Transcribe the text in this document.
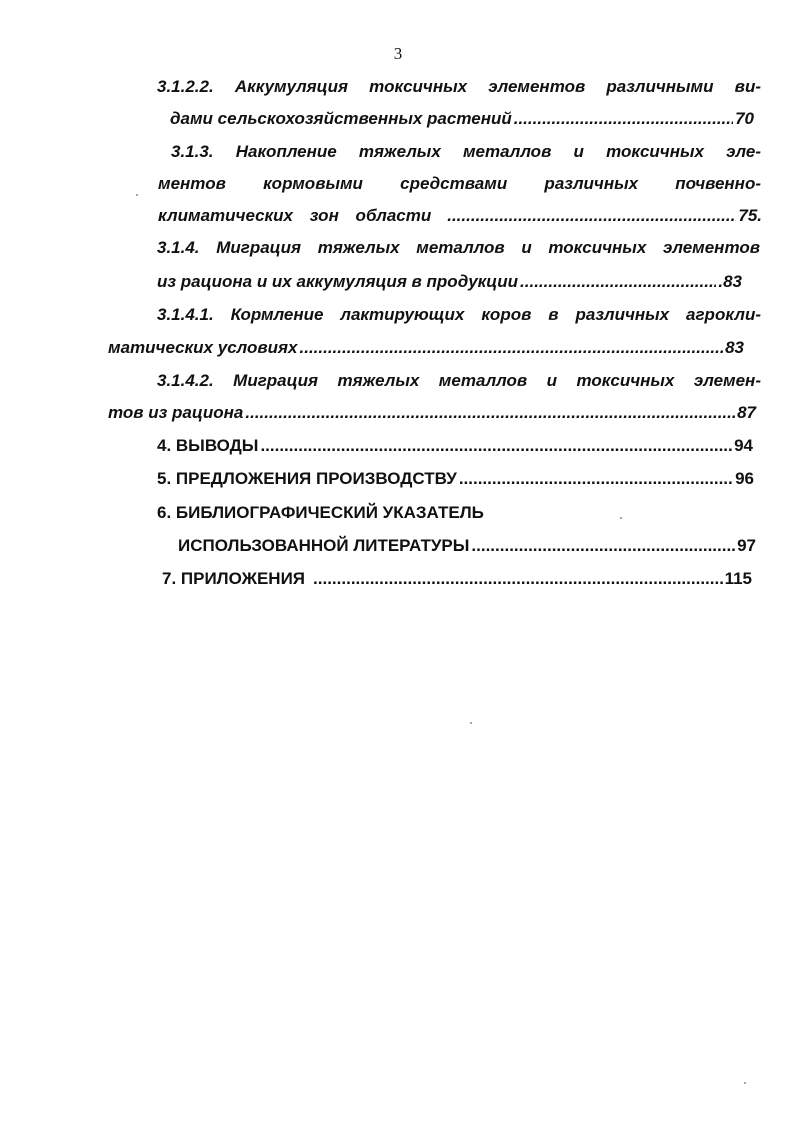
3
3.1.2.2. Аккумуляция токсичных элементов различными ви-
дами сельскохозяйственных растений .....	70
3.1.3. Накопление тяжелых металлов и токсичных эле-
ментов кормовыми средствами различных почвенно-
климатических зон области .....	75.
3.1.4. Миграция тяжелых металлов и токсичных элементов
из рациона и их аккумуляция в продукции .....	.83
3.1.4.1. Кормление лактирующих коров в различных агрокли-
матических условиях .....	83
3.1.4.2. Миграция тяжелых металлов и токсичных элемен-
тов из рациона .....	87
4. ВЫВОДЫ .....	94
5. ПРЕДЛОЖЕНИЯ ПРОИЗВОДСТВУ .....	96
6. БИБЛИОГРАФИЧЕСКИЙ УКАЗАТЕЛЬ
ИСПОЛЬЗОВАННОЙ ЛИТЕРАТУРЫ .....	97
7. ПРИЛОЖЕНИЯ .....	115
